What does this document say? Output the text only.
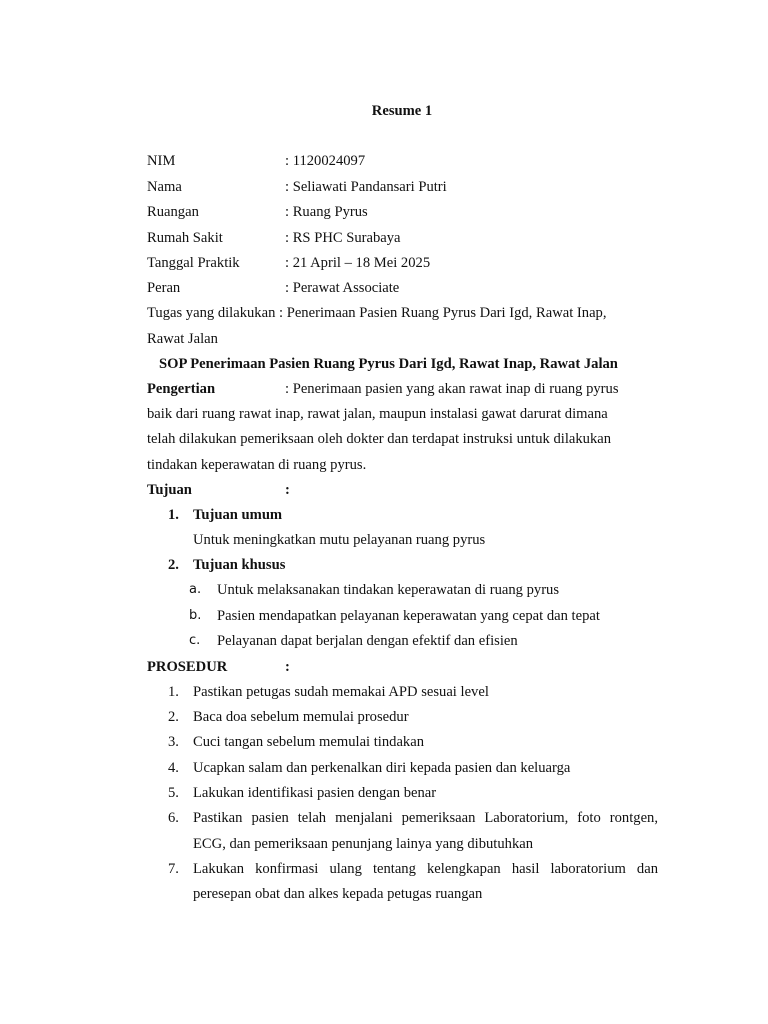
Resume 1
NIM	: 1120024097
Nama	: Seliawati Pandansari Putri
Ruangan	: Ruang Pyrus
Rumah Sakit	: RS PHC Surabaya
Tanggal Praktik	: 21 April – 18 Mei 2025
Peran	: Perawat Associate
Tugas yang dilakukan : Penerimaan Pasien Ruang Pyrus Dari Igd, Rawat Inap,
Rawat Jalan
SOP Penerimaan Pasien Ruang Pyrus Dari Igd, Rawat Inap, Rawat Jalan
Pengertian	: Penerimaan pasien yang akan rawat inap di ruang pyrus
baik dari ruang rawat inap, rawat jalan, maupun instalasi gawat darurat dimana
telah dilakukan pemeriksaan oleh dokter dan terdapat instruksi untuk dilakukan
tindakan keperawatan di ruang pyrus.
Tujuan	:
1. Tujuan umum
Untuk meningkatkan mutu pelayanan ruang pyrus
2. Tujuan khusus
a. Untuk melaksanakan tindakan keperawatan di ruang pyrus
b. Pasien mendapatkan pelayanan keperawatan yang cepat dan tepat
c. Pelayanan dapat berjalan dengan efektif dan efisien
PROSEDUR	:
1. Pastikan petugas sudah memakai APD sesuai level
2. Baca doa sebelum memulai prosedur
3. Cuci tangan sebelum memulai tindakan
4. Ucapkan salam dan perkenalkan diri kepada pasien dan keluarga
5. Lakukan identifikasi pasien dengan benar
6. Pastikan pasien telah menjalani pemeriksaan Laboratorium, foto rontgen,
ECG, dan pemeriksaan penunjang lainya yang dibutuhkan
7. Lakukan konfirmasi ulang tentang kelengkapan hasil laboratorium dan
peresepan obat dan alkes kepada petugas ruangan
